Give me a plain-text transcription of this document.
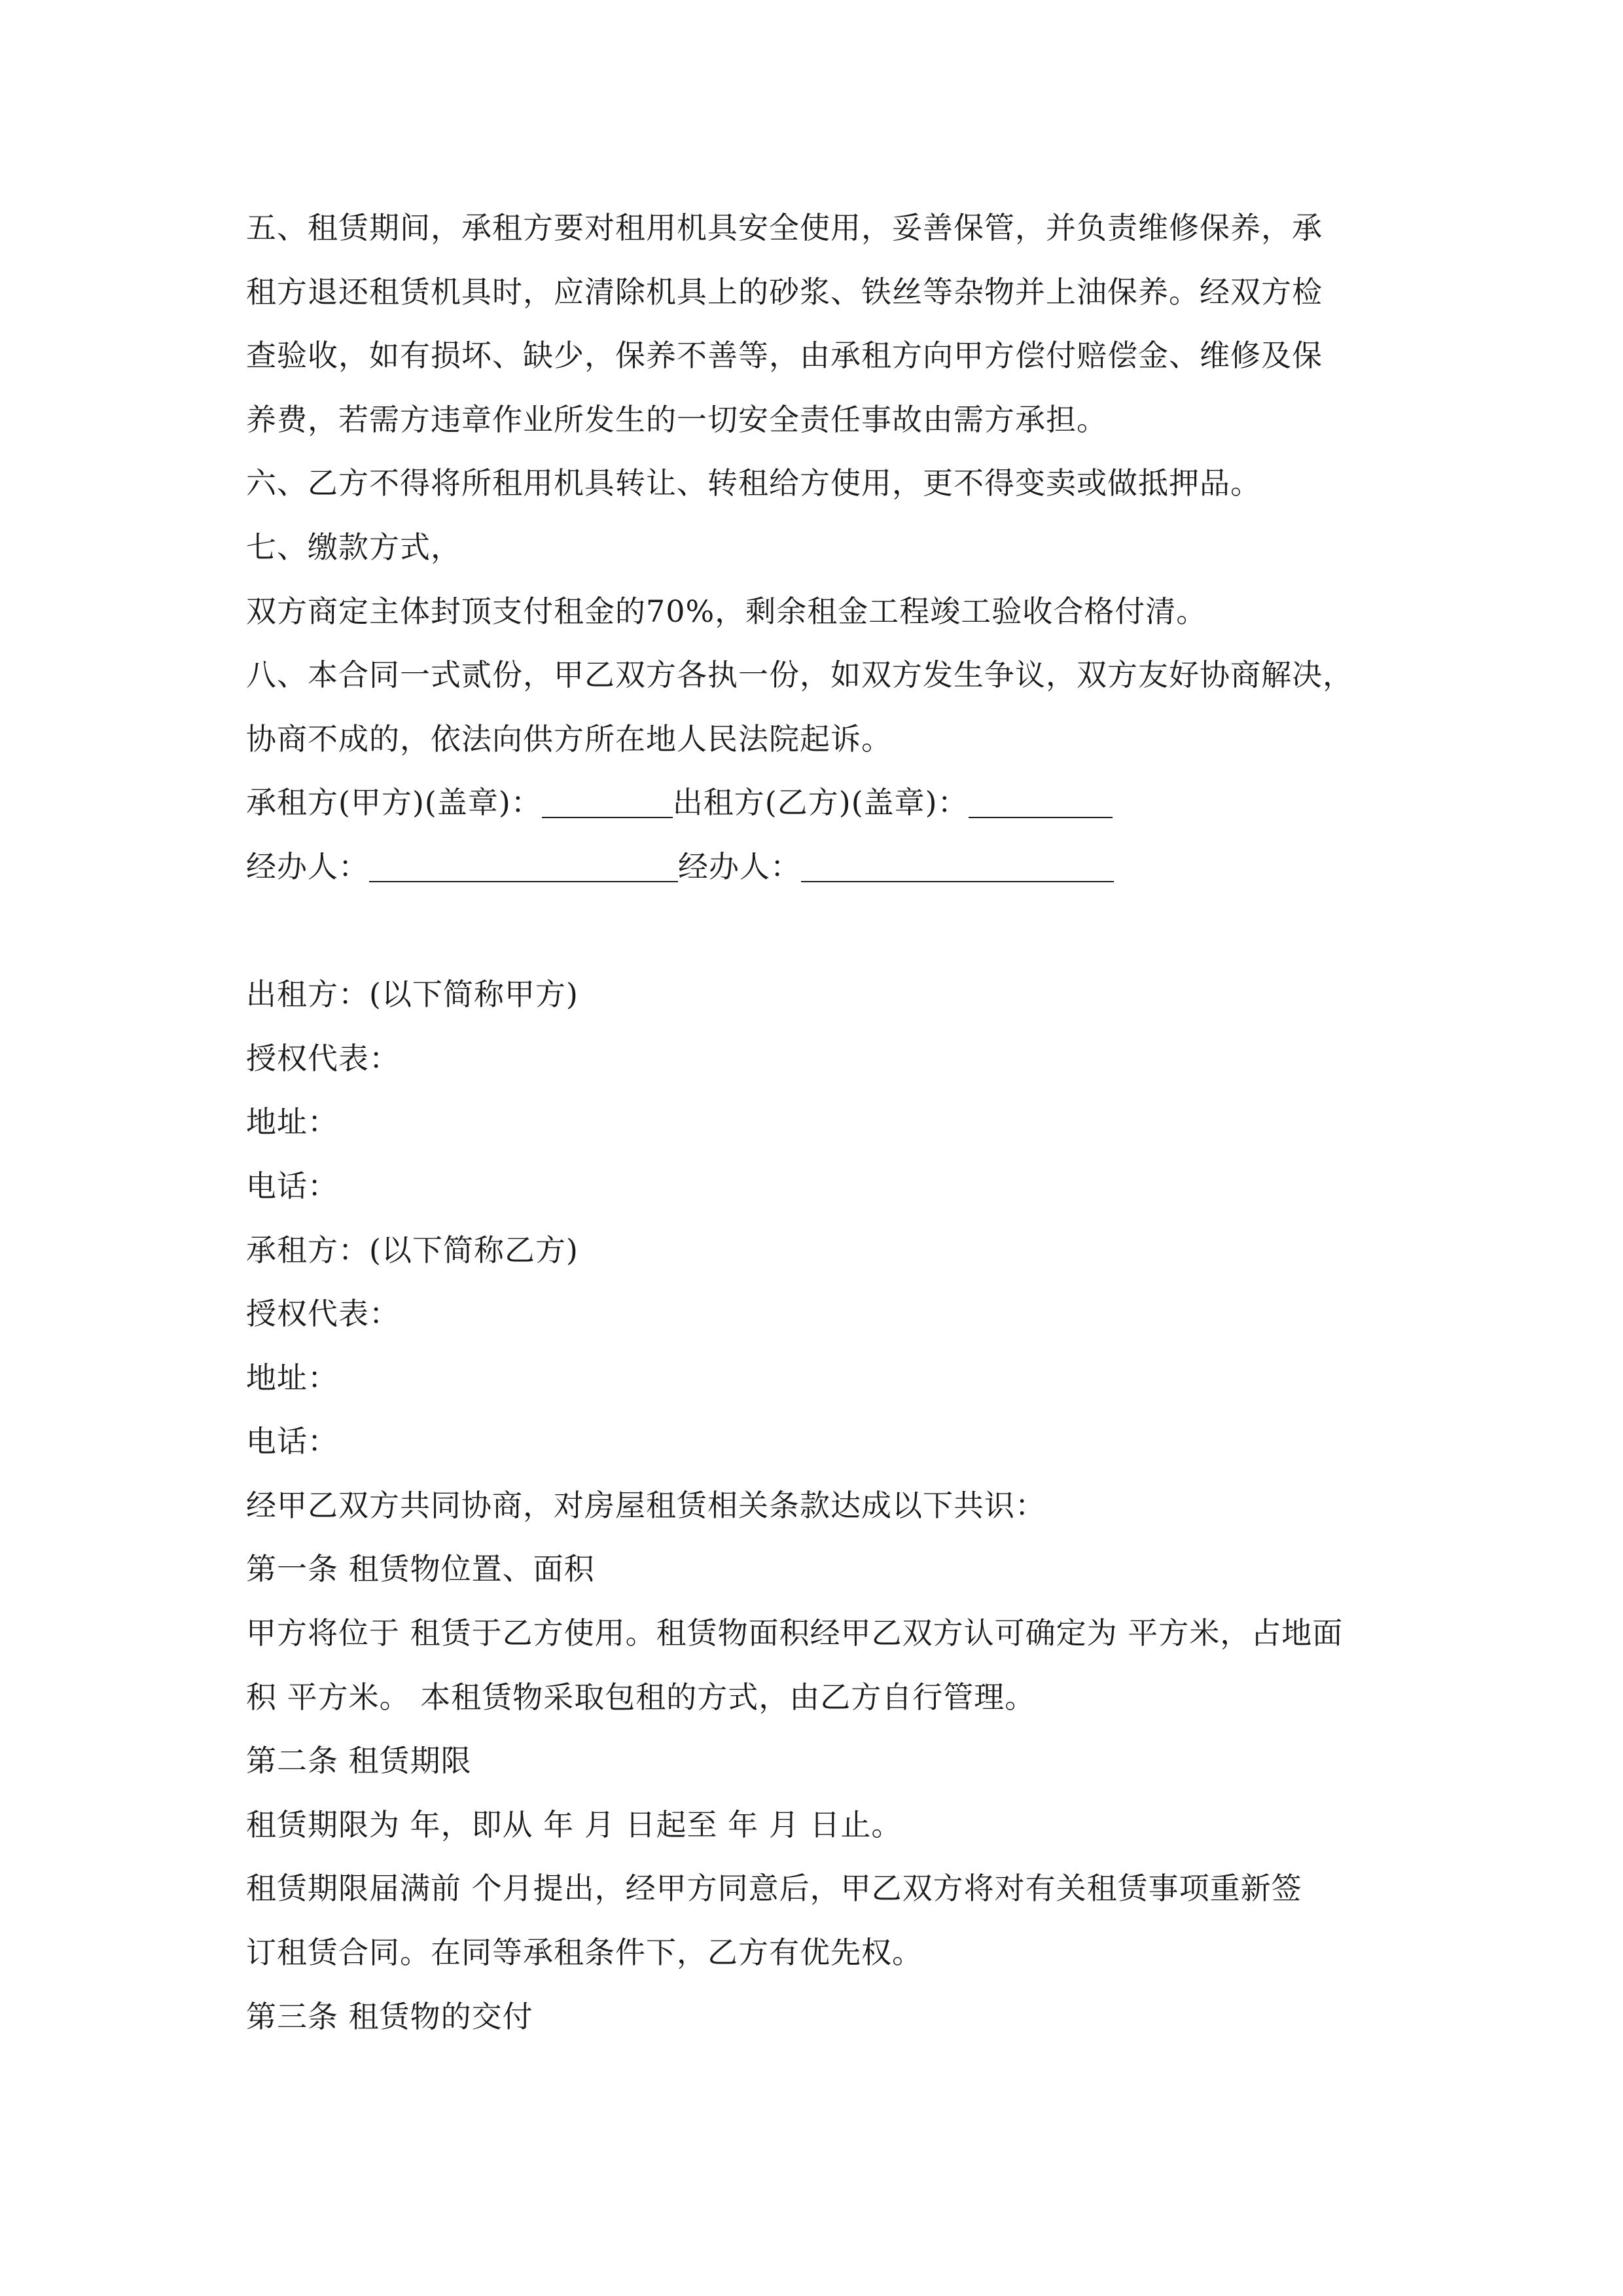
五、租赁期间，承租方要对租用机具安全使用，妥善保管，并负责维修保养，承
租方退还租赁机具时，应清除机具上的砂浆、铁丝等杂物并上油保养。经双方检
查验收，如有损坏、缺少，保养不善等，由承租方向甲方偿付赔偿金、维修及保
养费，若需方违章作业所发生的一切安全责任事故由需方承担。
六、乙方不得将所租用机具转让、转租给方使用，更不得变卖或做抵押品。
七、缴款方式，
双方商定主体封顶支付租金的70%，剩余租金工程竣工验收合格付清。
八、本合同一式贰份，甲乙双方各执一份，如双方发生争议，双方友好协商解决，
协商不成的，依法向供方所在地人民法院起诉。
承租方(甲方)(盖章)：	出租方(乙方)(盖章)：
经办人：	经办人：
出租方：(以下简称甲方)
授权代表：
地址：
电话：
承租方：(以下简称乙方)
授权代表：
地址：
电话：
经甲乙双方共同协商，对房屋租赁相关条款达成以下共识：
第一条 租赁物位置、面积
甲方将位于 租赁于乙方使用。租赁物面积经甲乙双方认可确定为 平方米，占地面
积 平方米。 本租赁物采取包租的方式，由乙方自行管理。
第二条 租赁期限
租赁期限为 年，即从 年 月 日起至 年 月 日止。
租赁期限届满前 个月提出，经甲方同意后，甲乙双方将对有关租赁事项重新签
订租赁合同。在同等承租条件下，乙方有优先权。
第三条 租赁物的交付
